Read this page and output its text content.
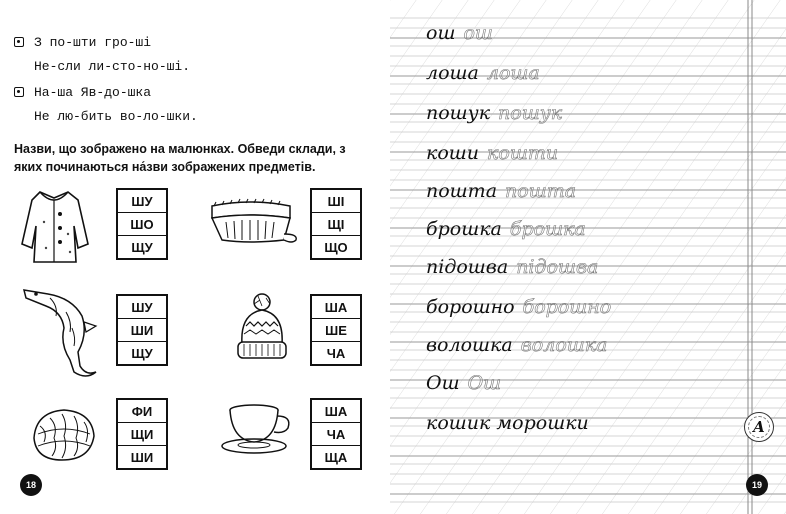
З по-шти гро-ші
Не-сли ли-сто-но-ші.
На-ша Яв-до-шка
Не лю-бить во-ло-шки.
Назви, що зображено на малюнках. Обведи склади, з яких починаються на́зви зображених предметів.
ШУ
ШО
ЩУ
ШІ
ЩІ
ЩО
ШУ
ШИ
ЩУ
ША
ШЕ
ЧА
ФИ
ЩИ
ШИ
ША
ЧА
ЩА
18
ош ош
лоша лоша
пошук пошук
коши кошти
пошта пошта
брошка брошка
підошва підошва
борошно борошно
волошка волошка
Ош Ош
кошик морошки	А
19
